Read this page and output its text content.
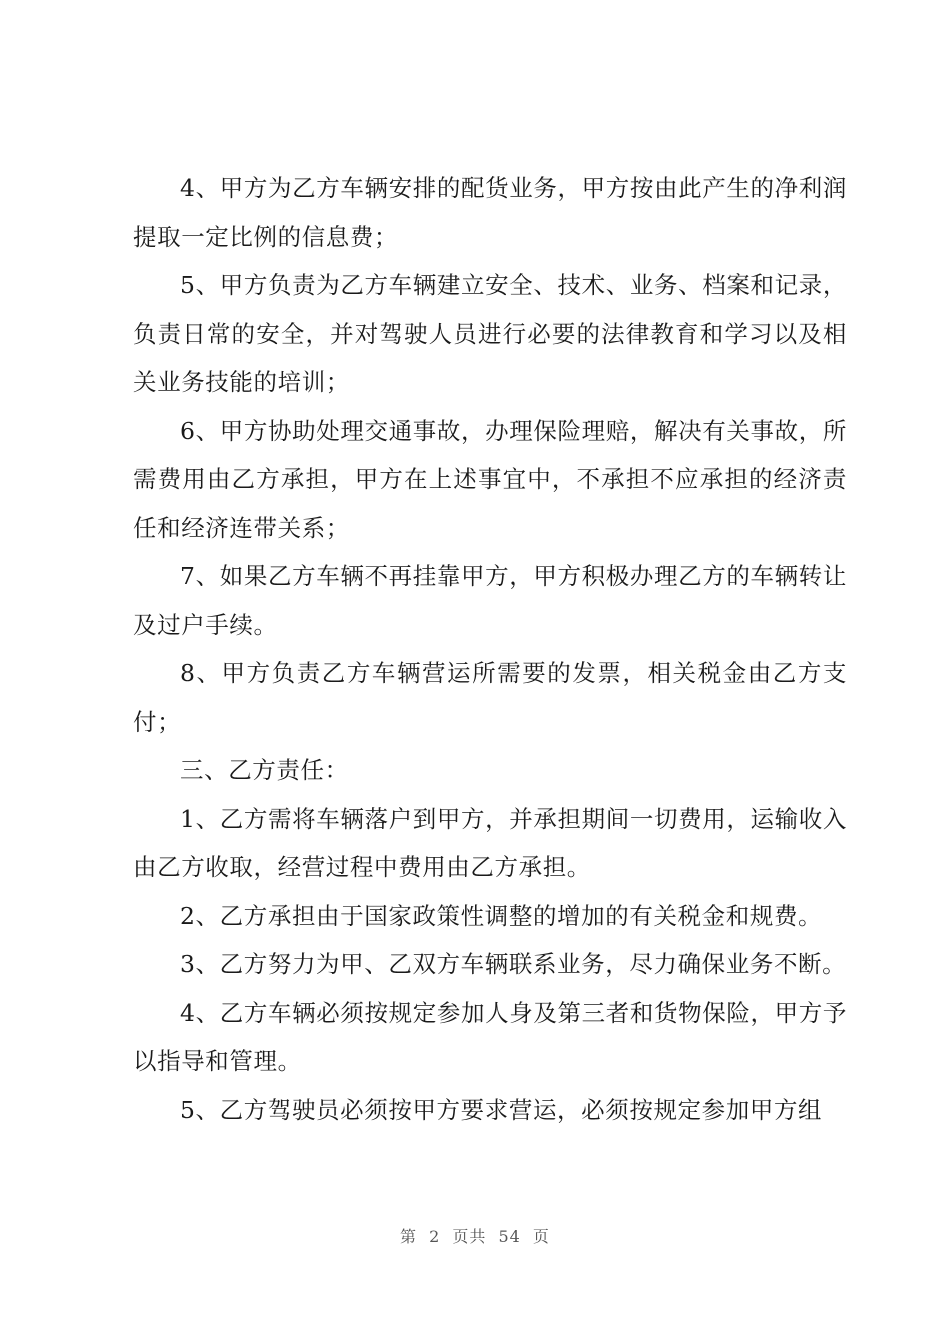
4、甲方为乙方车辆安排的配货业务，甲方按由此产生的净利润提取一定比例的信息费；

5、甲方负责为乙方车辆建立安全、技术、业务、档案和记录，负责日常的安全，并对驾驶人员进行必要的法律教育和学习以及相关业务技能的培训；

6、甲方协助处理交通事故，办理保险理赔，解决有关事故，所需费用由乙方承担，甲方在上述事宜中，不承担不应承担的经济责任和经济连带关系；

7、如果乙方车辆不再挂靠甲方，甲方积极办理乙方的车辆转让及过户手续。

8、甲方负责乙方车辆营运所需要的发票，相关税金由乙方支付；

三、乙方责任：

1、乙方需将车辆落户到甲方，并承担期间一切费用，运输收入由乙方收取，经营过程中费用由乙方承担。

2、乙方承担由于国家政策性调整的增加的有关税金和规费。

3、乙方努力为甲、乙双方车辆联系业务，尽力确保业务不断。

4、乙方车辆必须按规定参加人身及第三者和货物保险，甲方予以指导和管理。

5、乙方驾驶员必须按甲方要求营运，必须按规定参加甲方组

第 2 页共 54 页
